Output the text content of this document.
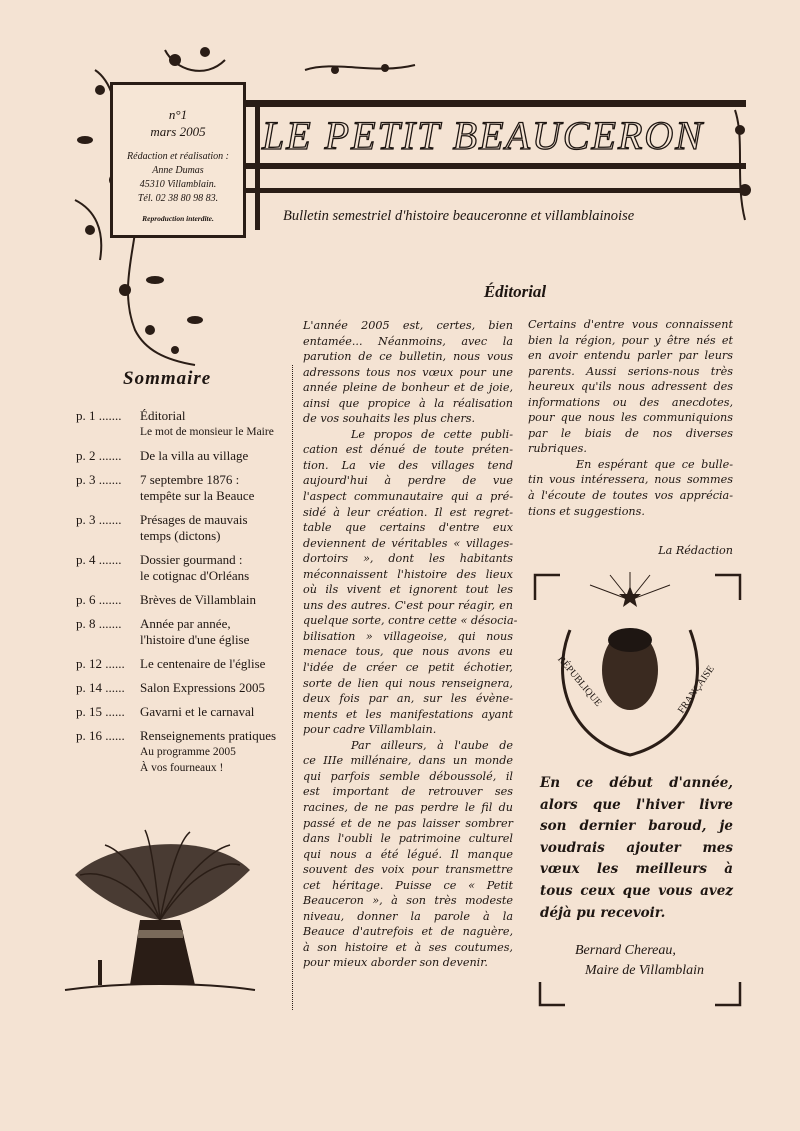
n°1
mars 2005
Rédaction et réalisation :
Anne Dumas
45310 Villamblain.
Tél. 02 38 80 98 83.
Reproduction interdite.
LE PETIT BEAUCERON
Bulletin semestriel d'histoire beauceronne et villamblainoise
Sommaire
p. 1 ....... Éditorial
Le mot de monsieur le Maire
p. 2 ....... De la villa au village
p. 3 ....... 7 septembre 1876 :
tempête sur la Beauce
p. 3 ....... Présages de mauvais
temps (dictons)
p. 4 ....... Dossier gourmand :
le cotignac d'Orléans
p. 6 ....... Brèves de Villamblain
p. 8 ....... Année par année,
l'histoire d'une église
p. 12 ...... Le centenaire de l'église
p. 14 ...... Salon Expressions 2005
p. 15 ...... Gavarni et le carnaval
p. 16 ...... Renseignements pratiques
Au programme 2005
À vos fourneaux !
Éditorial
L'année 2005 est, certes, bien
entamée... Néanmoins, avec la
parution de ce bulletin, nous vous
adressons tous nos vœux pour une
année pleine de bonheur et de joie,
ainsi que propice à la réalisation
de vos souhaits les plus chers.
Le propos de cette publi-
cation est dénué de toute préten-
tion. La vie des villages tend
aujourd'hui à perdre de vue
l'aspect communautaire qui a pré-
sidé à leur création. Il est regret-
table que certains d'entre eux
deviennent de véritables « villages-
dortoirs », dont les habitants
méconnaissent l'histoire des lieux
où ils vivent et ignorent tout les
uns des autres. C'est pour réagir, en
quelque sorte, contre cette « désocia-
bilisation » villageoise, qui nous
menace tous, que nous avons eu
l'idée de créer ce petit échotier,
sorte de lien qui nous renseignera,
deux fois par an, sur les évène-
ments et les manifestations ayant
pour cadre Villamblain.
Par ailleurs, à l'aube de
ce IIIe millénaire, dans un monde
qui parfois semble déboussolé, il
est important de retrouver ses
racines, de ne pas perdre le fil du
passé et de ne pas laisser sombrer
dans l'oubli le patrimoine culturel
qui nous a été légué. Il manque
souvent des voix pour transmettre
cet héritage. Puisse ce « Petit
Beauceron », à son très modeste
niveau, donner la parole à la
Beauce d'autrefois et de naguère,
à son histoire et à ses coutumes,
pour mieux aborder son devenir.
Certains d'entre vous connaissent
bien la région, pour y être nés et
en avoir entendu parler par leurs
parents. Aussi serions-nous très
heureux qu'ils nous adressent des
informations ou des anecdotes,
pour que nous les communiquions
par le biais de nos diverses
rubriques.
En espérant que ce bulle-
tin vous intéressera, nous sommes
à l'écoute de toutes vos apprécia-
tions et suggestions.
La Rédaction
RÉPUBLIQUE	FRANÇAISE
En ce début d'année,
alors que l'hiver livre
son dernier baroud, je
voudrais ajouter mes
vœux les meilleurs à
tous ceux que vous avez
déjà pu recevoir.
Bernard Chereau,
Maire de Villamblain
